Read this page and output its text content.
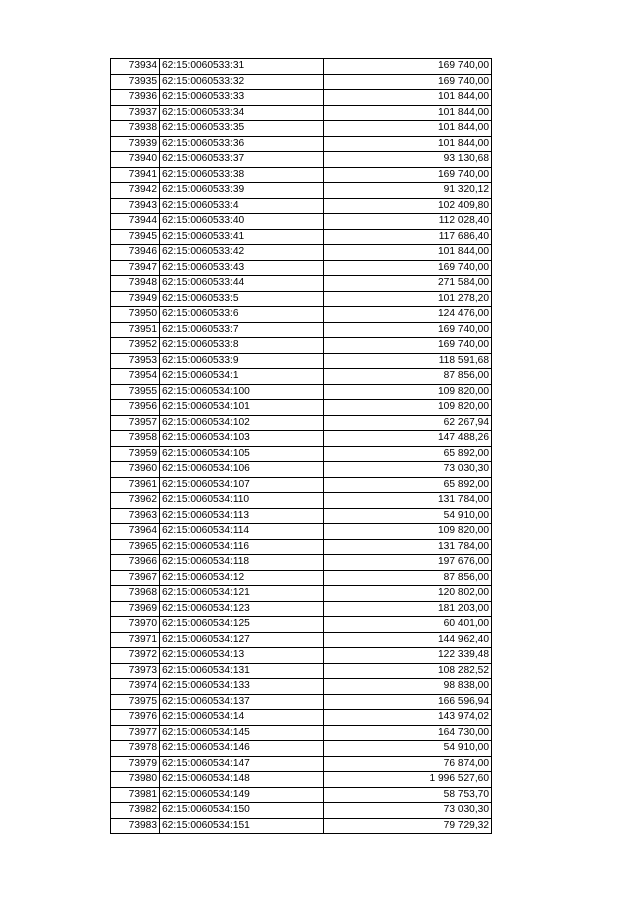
73934	62:15:0060533:31	169 740,00
73935	62:15:0060533:32	169 740,00
73936	62:15:0060533:33	101 844,00
73937	62:15:0060533:34	101 844,00
73938	62:15:0060533:35	101 844,00
73939	62:15:0060533:36	101 844,00
73940	62:15:0060533:37	93 130,68
73941	62:15:0060533:38	169 740,00
73942	62:15:0060533:39	91 320,12
73943	62:15:0060533:4	102 409,80
73944	62:15:0060533:40	112 028,40
73945	62:15:0060533:41	117 686,40
73946	62:15:0060533:42	101 844,00
73947	62:15:0060533:43	169 740,00
73948	62:15:0060533:44	271 584,00
73949	62:15:0060533:5	101 278,20
73950	62:15:0060533:6	124 476,00
73951	62:15:0060533:7	169 740,00
73952	62:15:0060533:8	169 740,00
73953	62:15:0060533:9	118 591,68
73954	62:15:0060534:1	87 856,00
73955	62:15:0060534:100	109 820,00
73956	62:15:0060534:101	109 820,00
73957	62:15:0060534:102	62 267,94
73958	62:15:0060534:103	147 488,26
73959	62:15:0060534:105	65 892,00
73960	62:15:0060534:106	73 030,30
73961	62:15:0060534:107	65 892,00
73962	62:15:0060534:110	131 784,00
73963	62:15:0060534:113	54 910,00
73964	62:15:0060534:114	109 820,00
73965	62:15:0060534:116	131 784,00
73966	62:15:0060534:118	197 676,00
73967	62:15:0060534:12	87 856,00
73968	62:15:0060534:121	120 802,00
73969	62:15:0060534:123	181 203,00
73970	62:15:0060534:125	60 401,00
73971	62:15:0060534:127	144 962,40
73972	62:15:0060534:13	122 339,48
73973	62:15:0060534:131	108 282,52
73974	62:15:0060534:133	98 838,00
73975	62:15:0060534:137	166 596,94
73976	62:15:0060534:14	143 974,02
73977	62:15:0060534:145	164 730,00
73978	62:15:0060534:146	54 910,00
73979	62:15:0060534:147	76 874,00
73980	62:15:0060534:148	1 996 527,60
73981	62:15:0060534:149	58 753,70
73982	62:15:0060534:150	73 030,30
73983	62:15:0060534:151	79 729,32
